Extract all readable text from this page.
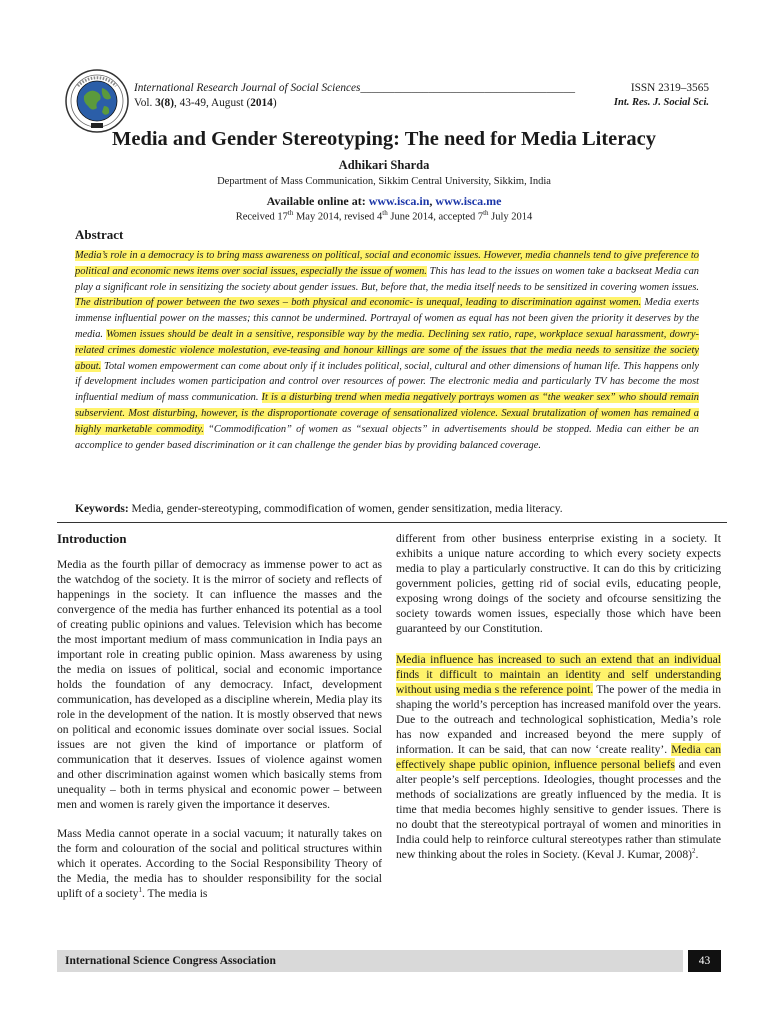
International Research Journal of Social Sciences______________________________________	ISSN 2319–3565
Vol. 3(8), 43-49, August (2014)	Int. Res. J. Social Sci.
Media and Gender Stereotyping: The need for Media Literacy
Adhikari Sharda
Department of Mass Communication, Sikkim Central University, Sikkim, India
Available online at: www.isca.in, www.isca.me
Received 17th May 2014, revised 4th June 2014, accepted 7th July 2014
Abstract
Media’s role in a democracy is to bring mass awareness on political, social and economic issues. However, media channels tend to give preference to political and economic news items over social issues, especially the issue of women. This has lead to the issues on women take a backseat Media can play a significant role in sensitizing the society about gender issues. But, before that, the media itself needs to be sensitized in covering women issues. The distribution of power between the two sexes – both physical and economic- is unequal, leading to discrimination against women. Media exerts immense influential power on the masses; this cannot be undermined. Portrayal of women as equal has not been given the priority it deserves by the media. Women issues should be dealt in a sensitive, responsible way by the media. Declining sex ratio, rape, workplace sexual harassment, dowry-related crimes domestic violence molestation, eve-teasing and honour killings are some of the issues that the media needs to sensitize the society about. Total women empowerment can come about only if it includes political, social, cultural and other dimensions of human life. This happens only if development includes women participation and control over resources of power. The electronic media and particularly TV has become the most influential medium of mass communication. It is a disturbing trend when media negatively portrays women as “the weaker sex” who should remain subservient. Most disturbing, however, is the disproportionate coverage of sensationalized violence. Sexual brutalization of women has remained a highly marketable commodity. “Commodification” of women as “sexual objects” in advertisements should be stopped. Media can either be an accomplice to gender based discrimination or it can challenge the gender bias by providing balanced coverage.
Keywords: Media, gender-stereotyping, commodification of women, gender sensitization, media literacy.

Introduction

Media as the fourth pillar of democracy as immense power to act as the watchdog of the society. It is the mirror of society and reflects of happenings in the society. It can influence the masses and the convergence of the media has further enhanced its potential as a tool of creating public opinions and values. Television which has become the most important medium of mass communication in India pays an important role in creating public opinion. Mass awareness by using the media on issues of political, social and economic importance holds the foundation of any democracy. Infact, development communication, has developed as a discipline wherein, Media play its role in the development of the nation. It is mostly observed that news on political and economic issues dominate over social issues. Social issues are not given the kind of importance or platform of communication that it deserves. Issues of violence against women and other discrimination against women which basically stems from unequality – both in terms physical and economic power – between men and women is rarely given the importance it deserves.

Mass Media cannot operate in a social vacuum; it naturally takes on the form and colouration of the social and political structures within which it operates. According to the Social Responsibility Theory of the Media, the media has to shoulder responsibility for the social uplift of a society$^1$. The media is

different from other business enterprise existing in a society. It exhibits a unique nature according to which every society expects media to play a particularly constructive. It can do this by criticizing government policies, getting rid of social evils, educating people, exposing wrong doings of the society and ofcourse sensitizing the society towards women issues, especially those which have been guaranteed by our Constitution.

Media influence has increased to such an extend that an individual finds it difficult to maintain an identity and self understanding without using media s the reference point. The power of the media in shaping the world’s perception has increased manifold over the years. Due to the outreach and technological sophistication, Media’s role has now expanded and increased beyond the mere supply of information. It can be said, that can now ‘create reality’. Media can effectively shape public opinion, influence personal beliefs and even alter people’s self perceptions. Ideologies, thought processes and the methods of socializations are greatly influenced by the media. It is time that media becomes highly sensitive to gender issues. There is no doubt that the stereotypical portrayal of women and minorities in India could help to reinforce cultural stereotypes rather than stimulate new thinking about the roles in Society. (Keval J. Kumar, 2008)$^2$.

International Science Congress Association	43
